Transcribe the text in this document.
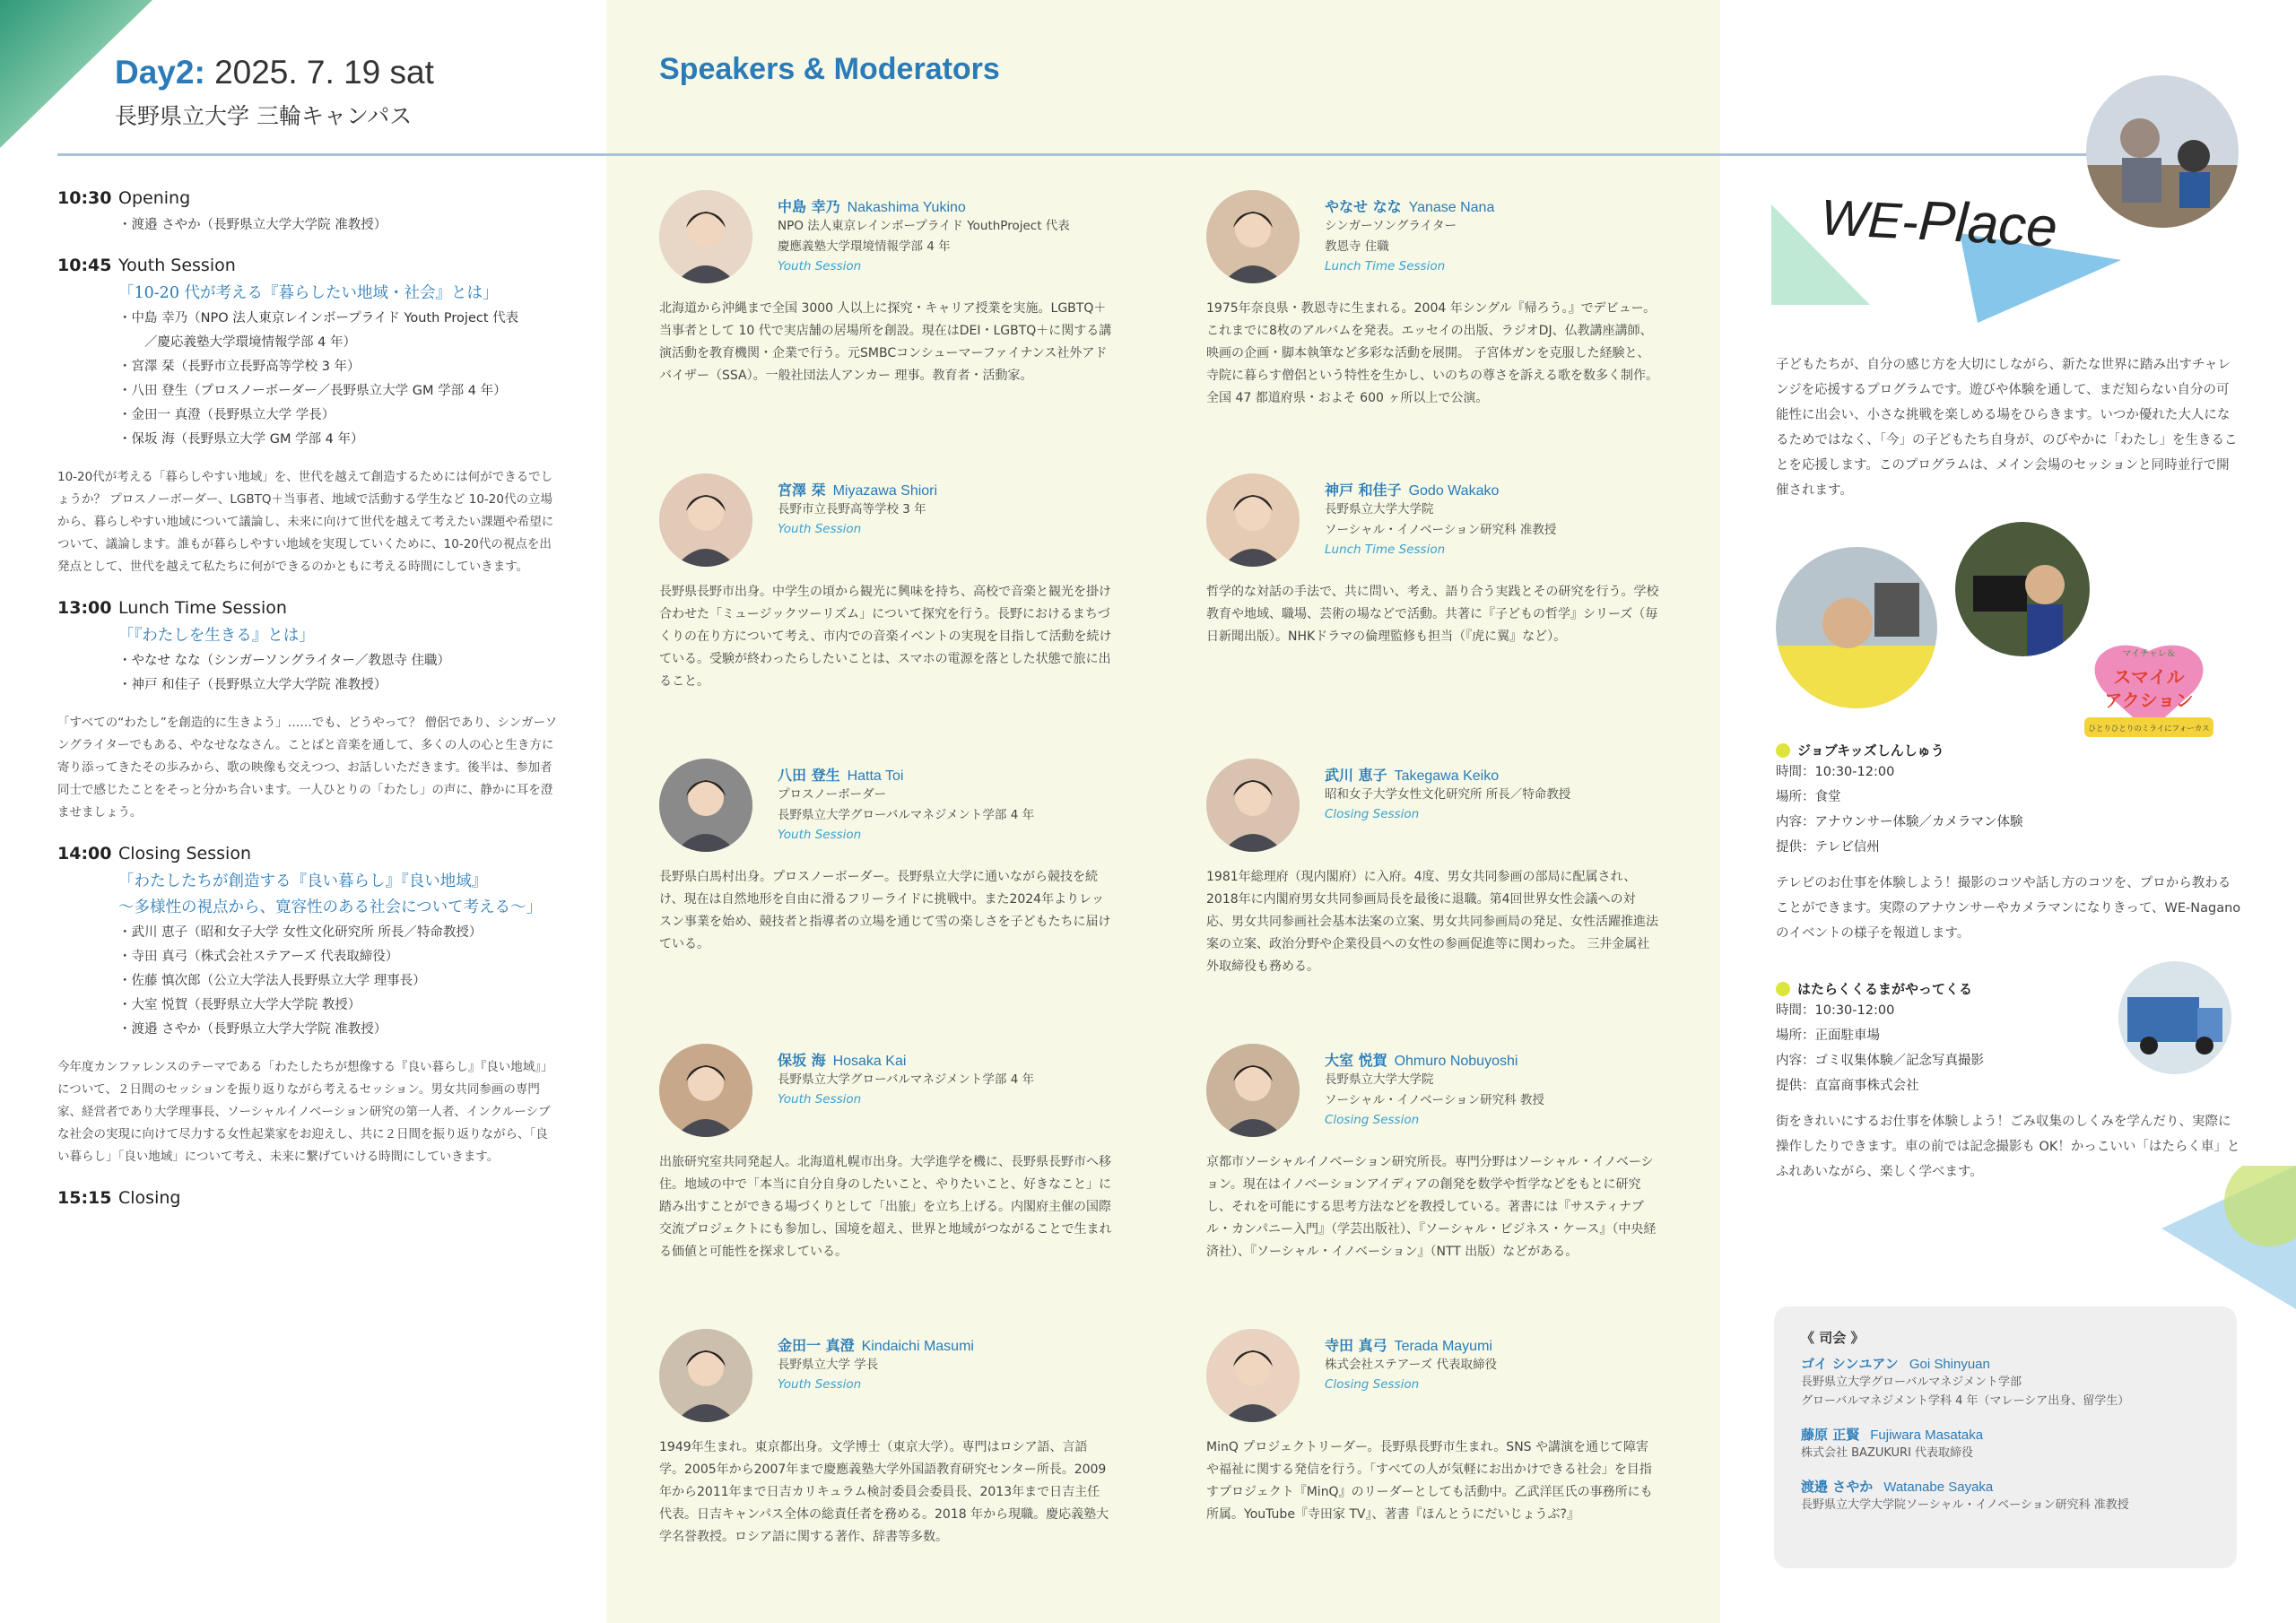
Day2: 2025. 7. 19 sat
長野県立大学 三輪キャンパス
Speakers & Moderators
10:30 Opening
・渡邉 さやか（長野県立大学大学院 准教授）
10:45 Youth Session
「10-20 代が考える『暮らしたい地域・社会』とは」
・中島 幸乃（NPO 法人東京レインボープライド Youth Project 代表
　　／慶応義塾大学環境情報学部 4 年）
・宮澤 栞（長野市立長野高等学校 3 年）
・八田 登生（プロスノーボーダー／長野県立大学 GM 学部 4 年）
・金田一 真澄（長野県立大学 学長）
・保坂 海（長野県立大学 GM 学部 4 年）
10-20代が考える「暮らしやすい地域」を、世代を越えて創造するためには何ができるでしょうか？ プロスノーボーダー、LGBTQ＋当事者、地域で活動する学生など 10-20代の立場から、暮らしやすい地域について議論し、未来に向けて世代を越えて考えたい課題や希望について、議論します。誰もが暮らしやすい地域を実現していくために、10-20代の視点を出発点として、世代を越えて私たちに何ができるのかともに考える時間にしていきます。
13:00 Lunch Time Session
「『わたしを生きる』とは」
・やなせ なな（シンガーソングライター／教恩寺 住職）
・神戸 和佳子（長野県立大学大学院 准教授）
「すべての“わたし”を創造的に生きよう」……でも、どうやって？ 僧侶であり、シンガーソングライターでもある、やなせななさん。ことばと音楽を通して、多くの人の心と生き方に寄り添ってきたその歩みから、歌の映像も交えつつ、お話しいただきます。後半は、参加者同士で感じたことをそっと分かち合います。一人ひとりの「わたし」の声に、静かに耳を澄ませましょう。
14:00 Closing Session
「わたしたちが創造する『良い暮らし』『良い地域』
〜多様性の視点から、寛容性のある社会について考える〜」
・武川 恵子（昭和女子大学 女性文化研究所 所長／特命教授）
・寺田 真弓（株式会社ステアーズ 代表取締役）
・佐藤 慎次郎（公立大学法人長野県立大学 理事長）
・大室 悦賀（長野県立大学大学院 教授）
・渡邉 さやか（長野県立大学大学院 准教授）
今年度カンファレンスのテーマである「わたしたちが想像する『良い暮らし』『良い地域』」について、２日間のセッションを振り返りながら考えるセッション。男女共同参画の専門家、経営者であり大学理事長、ソーシャルイノベーション研究の第一人者、インクルーシブな社会の実現に向けて尽力する女性起業家をお迎えし、共に２日間を振り返りながら、「良い暮らし」「良い地域」について考え、未来に繋げていける時間にしていきます。
15:15 Closing
中島 幸乃 Nakashima Yukino
NPO 法人東京レインボープライド YouthProject 代表
慶應義塾大学環境情報学部 4 年
Youth Session
北海道から沖縄まで全国 3000 人以上に探究・キャリア授業を実施。LGBTQ＋当事者として 10 代で実店舗の居場所を創設。現在はDEI・LGBTQ＋に関する講演活動を教育機関・企業で行う。元SMBCコンシューマーファイナンス社外アドバイザー（SSA）。一般社団法人アンカー 理事。教育者・活動家。
宮澤 栞 Miyazawa Shiori
長野市立長野高等学校 3 年
Youth Session
長野県長野市出身。中学生の頃から観光に興味を持ち、高校で音楽と観光を掛け合わせた「ミュージックツーリズム」について探究を行う。長野におけるまちづくりの在り方について考え、市内での音楽イベントの実現を目指して活動を続けている。受験が終わったらしたいことは、スマホの電源を落とした状態で旅に出ること。
八田 登生 Hatta Toi
プロスノーボーダー
長野県立大学グローバルマネジメント学部 4 年
Youth Session
長野県白馬村出身。プロスノーボーダー。長野県立大学に通いながら競技を続け、現在は自然地形を自由に滑るフリーライドに挑戦中。また2024年よりレッスン事業を始め、競技者と指導者の立場を通じて雪の楽しさを子どもたちに届けている。
保坂 海 Hosaka Kai
長野県立大学グローバルマネジメント学部 4 年
Youth Session
出旅研究室共同発起人。北海道札幌市出身。大学進学を機に、長野県長野市へ移住。地域の中で「本当に自分自身のしたいこと、やりたいこと、好きなこと」に踏み出すことができる場づくりとして「出旅」を立ち上げる。内閣府主催の国際交流プロジェクトにも参加し、国境を超え、世界と地域がつながることで生まれる価値と可能性を探求している。
金田一 真澄 Kindaichi Masumi
長野県立大学 学長
Youth Session
1949年生まれ。東京都出身。文学博士（東京大学）。専門はロシア語、言語学。2005年から2007年まで慶應義塾大学外国語教育研究センター所長。2009年から2011年まで日吉カリキュラム検討委員会委員長、2013年まで日吉主任代表。日吉キャンパス全体の総責任者を務める。2018 年から現職。慶応義塾大学名誉教授。ロシア語に関する著作、辞書等多数。
やなせ なな Yanase Nana
シンガーソングライター
教恩寺 住職
Lunch Time Session
1975年奈良県・教恩寺に生まれる。2004 年シングル『帰ろう。』でデビュー。これまでに8枚のアルバムを発表。エッセイの出版、ラジオDJ、仏教講座講師、映画の企画・脚本執筆など多彩な活動を展開。 子宮体ガンを克服した経験と、寺院に暮らす僧侶という特性を生かし、いのちの尊さを訴える歌を数多く制作。全国 47 都道府県・およそ 600 ヶ所以上で公演。
神戸 和佳子 Godo Wakako
長野県立大学大学院
ソーシャル・イノベーション研究科 准教授
Lunch Time Session
哲学的な対話の手法で、共に問い、考え、語り合う実践とその研究を行う。学校教育や地域、職場、芸術の場などで活動。共著に『子どもの哲学』シリーズ（毎日新聞出版）。NHKドラマの倫理監修も担当（『虎に翼』など）。
武川 恵子 Takegawa Keiko
昭和女子大学女性文化研究所 所長／特命教授
Closing Session
1981年総理府（現内閣府）に入府。4度、男女共同参画の部局に配属され、2018年に内閣府男女共同参画局長を最後に退職。第4回世界女性会議への対応、男女共同参画社会基本法案の立案、男女共同参画局の発足、女性活躍推進法案の立案、政治分野や企業役員への女性の参画促進等に関わった。 三井金属社外取締役も務める。
大室 悦賀 Ohmuro Nobuyoshi
長野県立大学大学院
ソーシャル・イノベーション研究科 教授
Closing Session
京都市ソーシャルイノベーション研究所長。専門分野はソーシャル・イノベーション。現在はイノベーションアイディアの創発を数学や哲学などをもとに研究し、それを可能にする思考方法などを教授している。著書には『サスティナブル・カンパニー入門』（学芸出版社）、『ソーシャル・ビジネス・ケース』（中央経済社）、『ソーシャル・イノベーション』（NTT 出版）などがある。
寺田 真弓 Terada Mayumi
株式会社ステアーズ 代表取締役
Closing Session
MinQ プロジェクトリーダー。長野県長野市生まれ。SNS や講演を通じて障害や福祉に関する発信を行う。「すべての人が気軽にお出かけできる社会」を目指すプロジェクト『MinQ』のリーダーとしても活動中。乙武洋匡氏の事務所にも所属。YouTube『寺田家 TV』、著書『ほんとうにだいじょうぶ?』
WE-Place
子どもたちが、自分の感じ方を大切にしながら、新たな世界に踏み出すチャレンジを応援するプログラムです。遊びや体験を通して、まだ知らない自分の可能性に出会い、小さな挑戦を楽しめる場をひらきます。いつか優れた大人になるためではなく、「今」の子どもたち自身が、のびやかに「わたし」を生きることを応援します。このプログラムは、メイン会場のセッションと同時並行で開催されます。
マイチャレ＆
スマイル
アクション
ひとりひとりのミライにフォーカス
ジョブキッズしんしゅう
時間：10:30-12:00
場所：食堂
内容：アナウンサー体験／カメラマン体験
提供：テレビ信州
テレビのお仕事を体験しよう！撮影のコツや話し方のコツを、プロから教わることができます。実際のアナウンサーやカメラマンになりきって、WE-Nagano のイベントの様子を報道します。
はたらくくるまがやってくる
時間：10:30-12:00
場所：正面駐車場
内容：ゴミ収集体験／記念写真撮影
提供：直富商事株式会社
街をきれいにするお仕事を体験しよう！ごみ収集のしくみを学んだり、実際に操作したりできます。車の前では記念撮影も OK！かっこいい「はたらく車」とふれあいながら、楽しく学べます。
《 司会 》
ゴイ シンユアン Goi Shinyuan
長野県立大学グローバルマネジメント学部
グローバルマネジメント学科 4 年（マレーシア出身、留学生）
藤原 正賢 Fujiwara Masataka
株式会社 BAZUKURI 代表取締役
渡邉 さやか Watanabe Sayaka
長野県立大学大学院ソーシャル・イノベーション研究科 准教授
